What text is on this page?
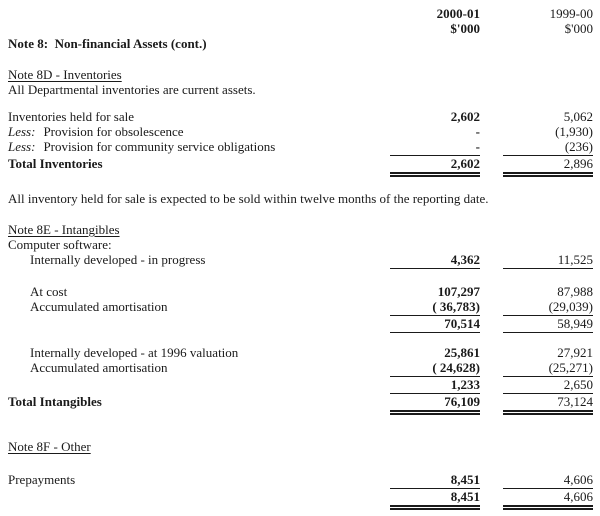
2000-01	1999-00
$'000	$'000
Note 8:  Non-financial Assets (cont.)
Note 8D - Inventories
All Departmental inventories are current assets.
Inventories held for sale	2,602	5,062
Less: Provision for obsolescence	-	(1,930)
Less: Provision for community service obligations	-	(236)
Total Inventories	2,602	2,896
All inventory held for sale is expected to be sold within twelve months of the reporting date.
Note 8E - Intangibles
Computer software:
Internally developed - in progress	4,362	11,525
At cost	107,297	87,988
Accumulated amortisation	( 36,783)	(29,039)
70,514	58,949
Internally developed - at 1996 valuation	25,861	27,921
Accumulated amortisation	( 24,628)	(25,271)
1,233	2,650
Total Intangibles	76,109	73,124
Note 8F - Other
Prepayments	8,451	4,606
8,451	4,606
